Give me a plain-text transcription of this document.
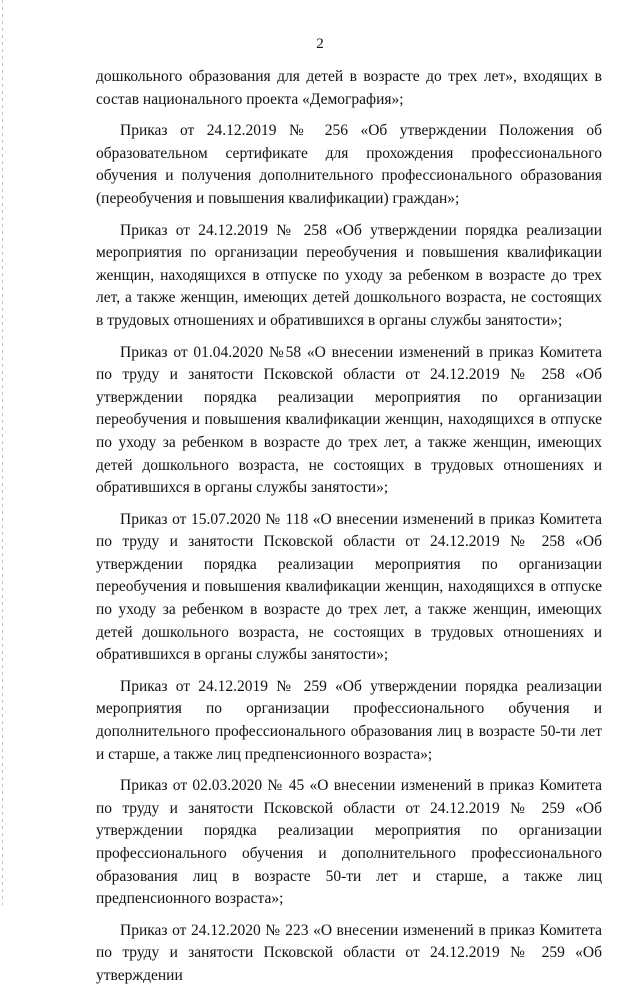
2

дошкольного образования для детей в возрасте до трех лет», входящих в состав национального проекта «Демография»;

Приказ от 24.12.2019 № 256 «Об утверждении Положения об образовательном сертификате для прохождения профессионального обучения и получения дополнительного профессионального образования (переобучения и повышения квалификации) граждан»;

Приказ от 24.12.2019 № 258 «Об утверждении порядка реализации мероприятия по организации переобучения и повышения квалификации женщин, находящихся в отпуске по уходу за ребенком в возрасте до трех лет, а также женщин, имеющих детей дошкольного возраста, не состоящих в трудовых отношениях и обратившихся в органы службы занятости»;

Приказ от 01.04.2020 №58 «О внесении изменений в приказ Комитета по труду и занятости Псковской области от 24.12.2019 № 258 «Об утверждении порядка реализации мероприятия по организации переобучения и повышения квалификации женщин, находящихся в отпуске по уходу за ребенком в возрасте до трех лет, а также женщин, имеющих детей дошкольного возраста, не состоящих в трудовых отношениях и обратившихся в органы службы занятости»;

Приказ от 15.07.2020 № 118 «О внесении изменений в приказ Комитета по труду и занятости Псковской области от 24.12.2019 № 258 «Об утверждении порядка реализации мероприятия по организации переобучения и повышения квалификации женщин, находящихся в отпуске по уходу за ребенком в возрасте до трех лет, а также женщин, имеющих детей дошкольного возраста, не состоящих в трудовых отношениях и обратившихся в органы службы занятости»;

Приказ от 24.12.2019 № 259 «Об утверждении порядка реализации мероприятия по организации профессионального обучения и дополнительного профессионального образования лиц в возрасте 50-ти лет и старше, а также лиц предпенсионного возраста»;

Приказ от 02.03.2020 № 45 «О внесении изменений в приказ Комитета по труду и занятости Псковской области от 24.12.2019 № 259 «Об утверждении порядка реализации мероприятия по организации профессионального обучения и дополнительного профессионального образования лиц в возрасте 50-ти лет и старше, а также лиц предпенсионного возраста»;

Приказ от 24.12.2020 № 223 «О внесении изменений в приказ Комитета по труду и занятости Псковской области от 24.12.2019 № 259 «Об утверждении
